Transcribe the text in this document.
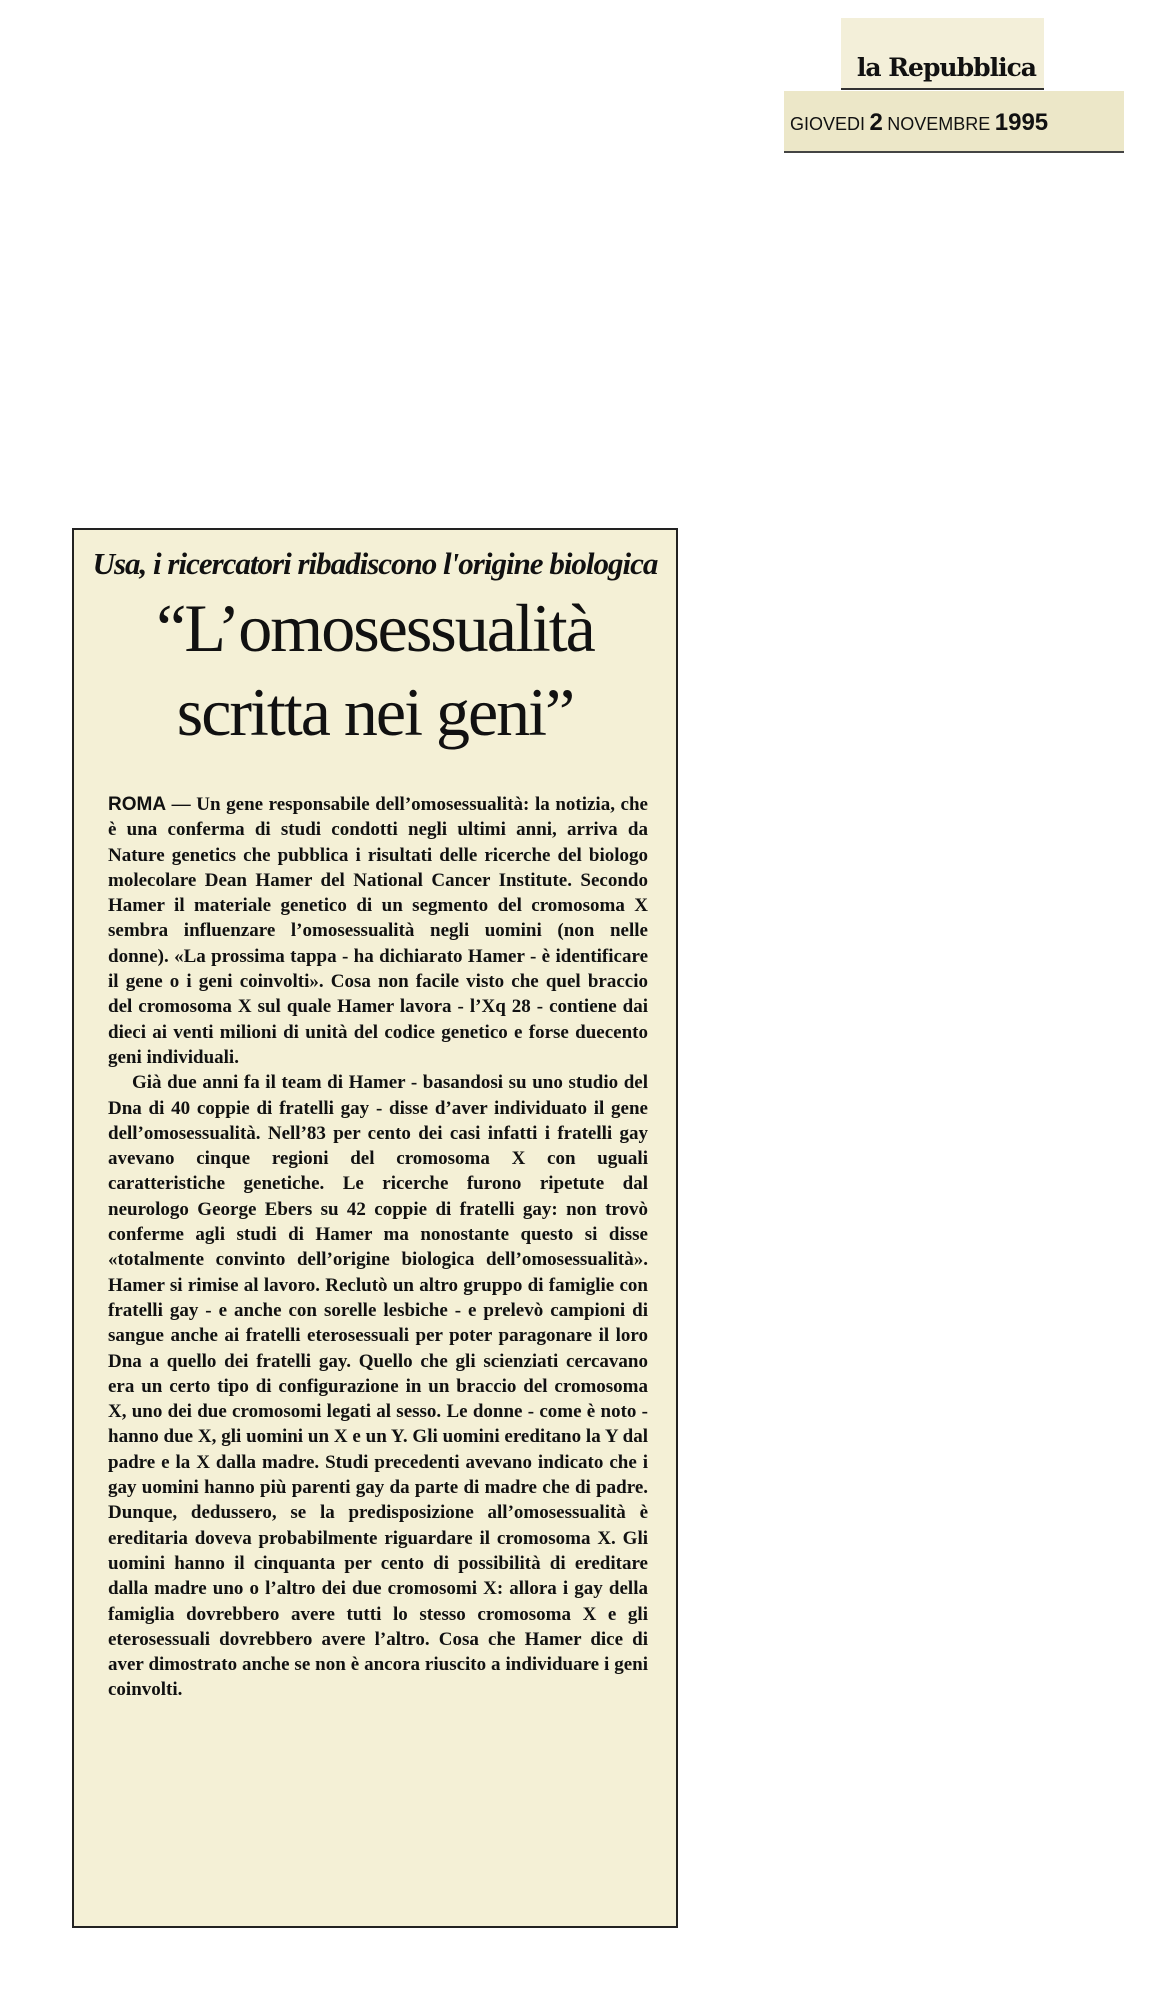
la Repubblica
GIOVEDI 2 NOVEMBRE 1995
Usa, i ricercatori ribadiscono l'origine biologica
“L’omosessualità
scritta nei geni”

ROMA — Un gene responsabile dell’omosessualità: la notizia, che è una conferma di studi condotti negli ultimi anni, arriva da Nature genetics che pubblica i risultati delle ricerche del biologo molecolare Dean Hamer del National Cancer Institute. Secondo Hamer il materiale genetico di un segmento del cromosoma X sembra influenzare l’omosessualità negli uomini (non nelle donne). «La prossima tappa - ha dichiarato Hamer - è identificare il gene o i geni coinvolti». Cosa non facile visto che quel braccio del cromosoma X sul quale Hamer lavora - l’Xq 28 - contiene dai dieci ai venti milioni di unità del codice genetico e forse duecento geni individuali.

Già due anni fa il team di Hamer - basandosi su uno studio del Dna di 40 coppie di fratelli gay - disse d’aver individuato il gene dell’omosessualità. Nell’83 per cento dei casi infatti i fratelli gay avevano cinque regioni del cromosoma X con uguali caratteristiche genetiche. Le ricerche furono ripetute dal neurologo George Ebers su 42 coppie di fratelli gay: non trovò conferme agli studi di Hamer ma nonostante questo si disse «totalmente convinto dell’origine biologica dell’omosessualità». Hamer si rimise al lavoro. Reclutò un altro gruppo di famiglie con fratelli gay - e anche con sorelle lesbiche - e prelevò campioni di sangue anche ai fratelli eterosessuali per poter paragonare il loro Dna a quello dei fratelli gay. Quello che gli scienziati cercavano era un certo tipo di configurazione in un braccio del cromosoma X, uno dei due cromosomi legati al sesso. Le donne - come è noto - hanno due X, gli uomini un X e un Y. Gli uomini ereditano la Y dal padre e la X dalla madre. Studi precedenti avevano indicato che i gay uomini hanno più parenti gay da parte di madre che di padre. Dunque, dedussero, se la predisposizione all’omosessualità è ereditaria doveva probabilmente riguardare il cromosoma X. Gli uomini hanno il cinquanta per cento di possibilità di ereditare dalla madre uno o l’altro dei due cromosomi X: allora i gay della famiglia dovrebbero avere tutti lo stesso cromosoma X e gli eterosessuali dovrebbero avere l’altro. Cosa che Hamer dice di aver dimostrato anche se non è ancora riuscito a individuare i geni coinvolti.
